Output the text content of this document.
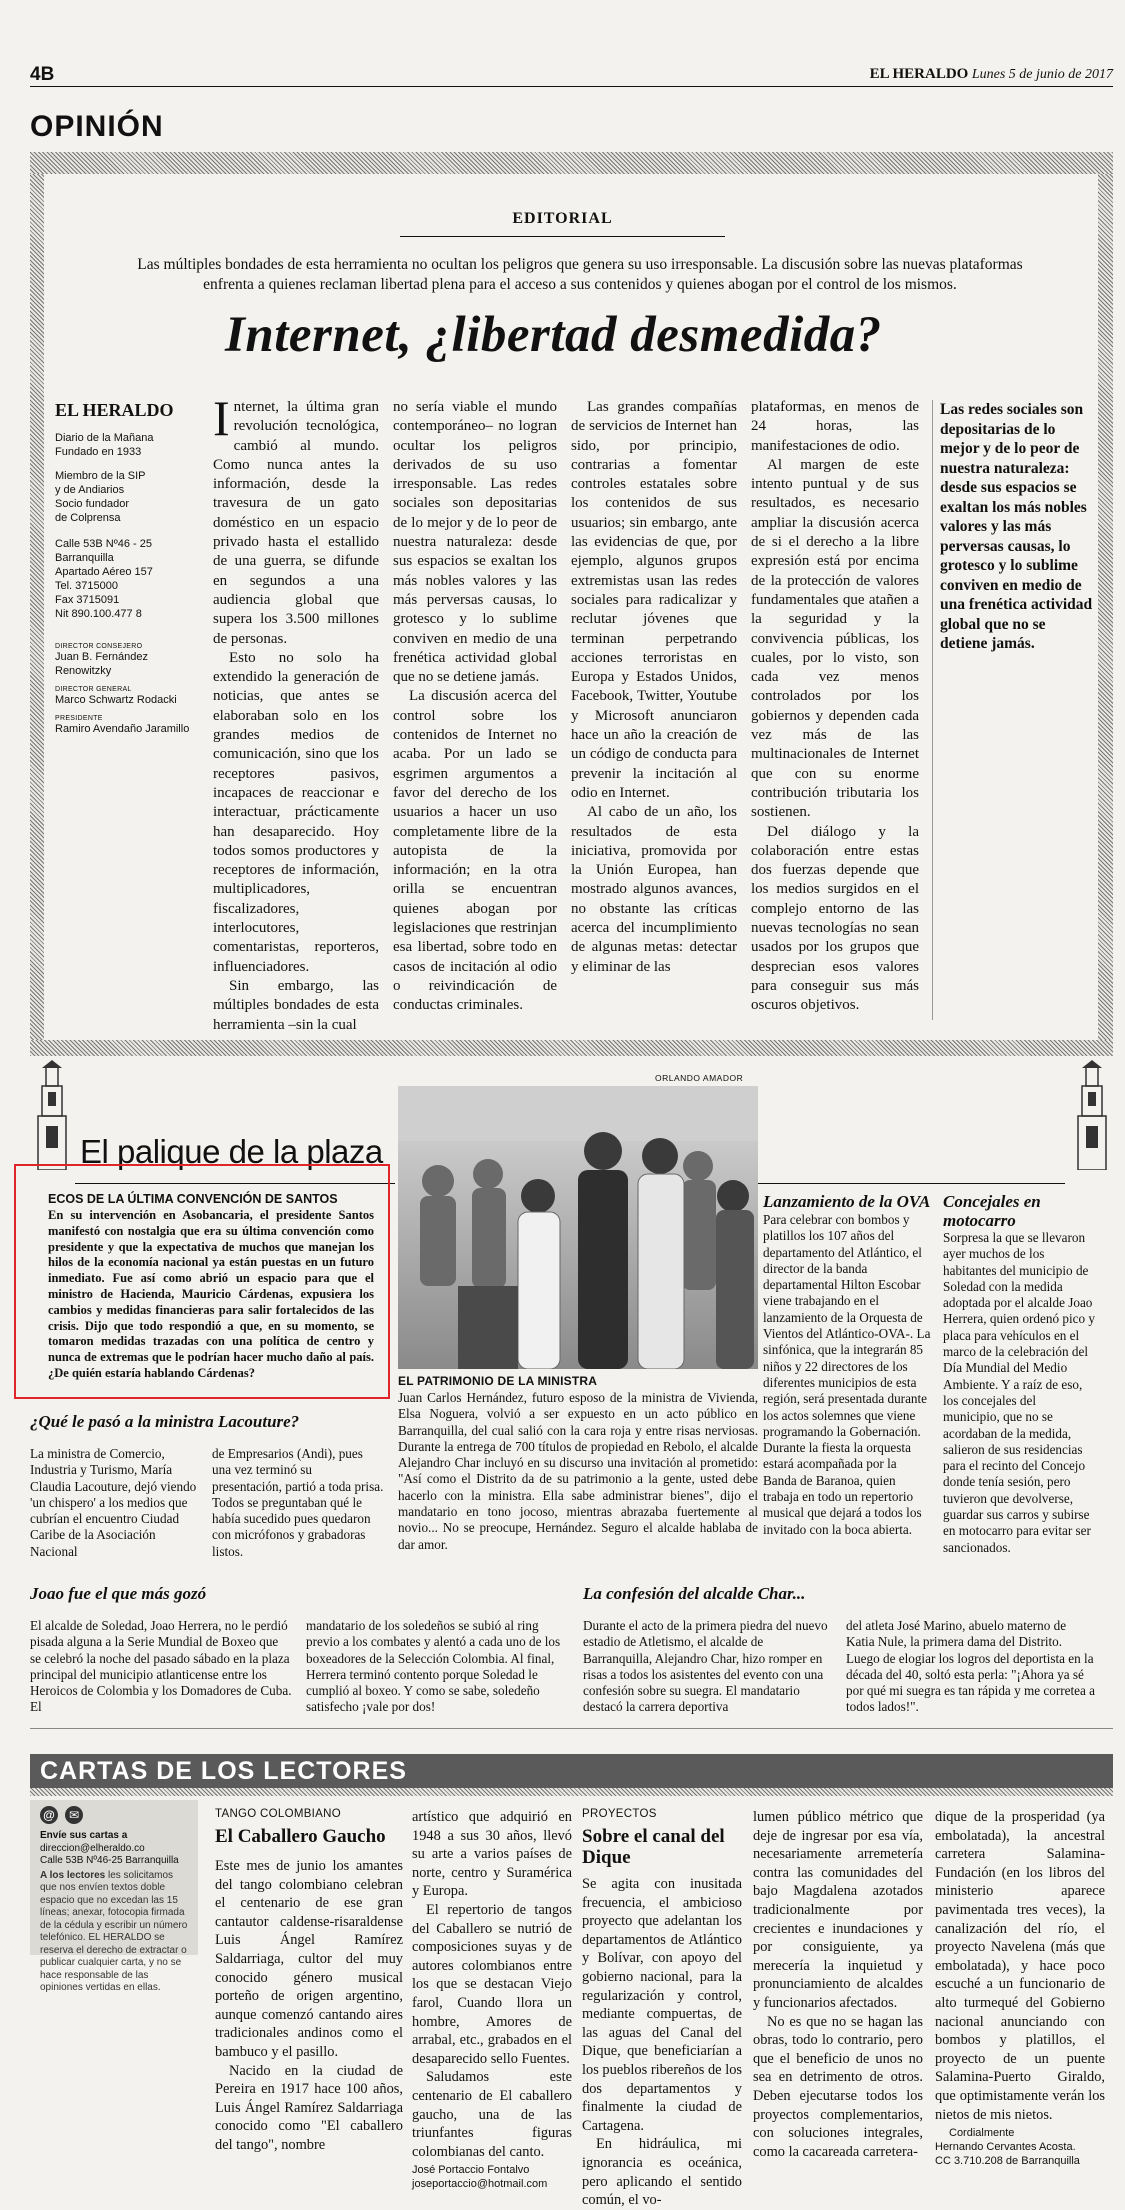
4B	EL HERALDO Lunes 5 de junio de 2017
OPINIÓN
EDITORIAL
Las múltiples bondades de esta herramienta no ocultan los peligros que genera su uso irresponsable. La discusión sobre las nuevas plataformas enfrenta a quienes reclaman libertad plena para el acceso a sus contenidos y quienes abogan por el control de los mismos.
Internet, ¿libertad desmedida?
EL HERALDO
Diario de la Mañana
Fundado en 1933
Miembro de la SIP
y de Andiarios
Socio fundador
de Colprensa
Calle 53B Nº46 - 25
Barranquilla
Apartado Aéreo 157
Tel. 3715000
Fax 3715091
Nit 890.100.477 8
DIRECTOR CONSEJERO
Juan B. Fernández Renowitzky
DIRECTOR GENERAL
Marco Schwartz Rodacki
PRESIDENTE
Ramiro Avendaño Jaramillo

Internet, la última gran revolución tecnológica, cambió al mundo. Como nunca antes la información, desde la travesura de un gato doméstico en un espacio privado hasta el estallido de una guerra, se difunde en segundos a una audiencia global que supera los 3.500 millones de personas.

Esto no solo ha extendido la generación de noticias, que antes se elaboraban solo en los grandes medios de comunicación, sino que los receptores pasivos, incapaces de reaccionar e interactuar, prácticamente han desaparecido. Hoy todos somos productores y receptores de información, multiplicadores, fiscalizadores, interlocutores, comentaristas, reporteros, influenciadores.

Sin embargo, las múltiples bondades de esta herramienta –sin la cual

no sería viable el mundo contemporáneo– no logran ocultar los peligros derivados de su uso irresponsable. Las redes sociales son depositarias de lo mejor y de lo peor de nuestra naturaleza: desde sus espacios se exaltan los más nobles valores y las más perversas causas, lo grotesco y lo sublime conviven en medio de una frenética actividad global que no se detiene jamás.

La discusión acerca del control sobre los contenidos de Internet no acaba. Por un lado se esgrimen argumentos a favor del derecho de los usuarios a hacer un uso completamente libre de la autopista de la información; en la otra orilla se encuentran quienes abogan por legislaciones que restrinjan esa libertad, sobre todo en casos de incitación al odio o reivindicación de conductas criminales.

Las grandes compañías de servicios de Internet han sido, por principio, contrarias a fomentar controles estatales sobre los contenidos de sus usuarios; sin embargo, ante las evidencias de que, por ejemplo, algunos grupos extremistas usan las redes sociales para radicalizar y reclutar jóvenes que terminan perpetrando acciones terroristas en Europa y Estados Unidos, Facebook, Twitter, Youtube y Microsoft anunciaron hace un año la creación de un código de conducta para prevenir la incitación al odio en Internet.

Al cabo de un año, los resultados de esta iniciativa, promovida por la Unión Europea, han mostrado algunos avances, no obstante las críticas acerca del incumplimiento de algunas metas: detectar y eliminar de las

plataformas, en menos de 24 horas, las manifestaciones de odio.

Al margen de este intento puntual y de sus resultados, es necesario ampliar la discusión acerca de si el derecho a la libre expresión está por encima de la protección de valores fundamentales que atañen a la seguridad y la convivencia públicas, los cuales, por lo visto, son cada vez menos controlados por los gobiernos y dependen cada vez más de las multinacionales de Internet que con su enorme contribución tributaria los sostienen.

Del diálogo y la colaboración entre estas dos fuerzas depende que los medios surgidos en el complejo entorno de las nuevas tecnologías no sean usados por los grupos que desprecian esos valores para conseguir sus más oscuros objetivos.

Las redes sociales son depositarias de lo mejor y de lo peor de nuestra naturaleza: desde sus espacios se exaltan los más nobles valores y las más perversas causas, lo grotesco y lo sublime conviven en medio de una frenética actividad global que no se detiene jamás.
El palique de la plaza
ORLANDO AMADOR
ECOS DE LA ÚLTIMA CONVENCIÓN DE SANTOS
En su intervención en Asobancaria, el presidente Santos manifestó con nostalgia que era su última convención como presidente y que la expectativa de muchos que manejan los hilos de la economía nacional ya están puestas en un futuro inmediato. Fue así como abrió un espacio para que el ministro de Hacienda, Mauricio Cárdenas, expusiera los cambios y medidas financieras para salir fortalecidos de las crisis. Dijo que todo respondió a que, en su momento, se tomaron medidas trazadas con una política de centro y nunca de extremas que le podrían hacer mucho daño al país. ¿De quién estaría hablando Cárdenas?
EL PATRIMONIO DE LA MINISTRA
Juan Carlos Hernández, futuro esposo de la ministra de Vivienda, Elsa Noguera, volvió a ser expuesto en un acto público en Barranquilla, del cual salió con la cara roja y entre risas nerviosas. Durante la entrega de 700 títulos de propiedad en Rebolo, el alcalde Alejandro Char incluyó en su discurso una invitación al prometido: "Así como el Distrito da de su patrimonio a la gente, usted debe hacerlo con la ministra. Ella sabe administrar bienes", dijo el mandatario en tono jocoso, mientras abrazaba fuertemente al novio... No se preocupe, Hernández. Seguro el alcalde hablaba de dar amor.
Lanzamiento de la OVA
Para celebrar con bombos y platillos los 107 años del departamento del Atlántico, el director de la banda departamental Hilton Escobar viene trabajando en el lanzamiento de la Orquesta de Vientos del Atlántico-OVA-. La sinfónica, que la integrarán 85 niños y 22 directores de los diferentes municipios de esta región, será presentada durante los actos solemnes que viene programando la Gobernación. Durante la fiesta la orquesta estará acompañada por la Banda de Baranoa, quien trabaja en todo un repertorio musical que dejará a todos los invitado con la boca abierta.
Concejales en motocarro
Sorpresa la que se llevaron ayer muchos de los habitantes del municipio de Soledad con la medida adoptada por el alcalde Joao Herrera, quien ordenó pico y placa para vehículos en el marco de la celebración del Día Mundial del Medio Ambiente. Y a raíz de eso, los concejales del municipio, que no se acordaban de la medida, salieron de sus residencias para el recinto del Concejo donde tenía sesión, pero tuvieron que devolverse, guardar sus carros y subirse en motocarro para evitar ser sancionados.
¿Qué le pasó a la ministra Lacouture?
La ministra de Comercio, Industria y Turismo, María Claudia Lacouture, dejó viendo 'un chispero' a los medios que cubrían el encuentro Ciudad Caribe de la Asociación Nacional
de Empresarios (Andi), pues una vez terminó su presentación, partió a toda prisa. Todos se preguntaban qué le había sucedido pues quedaron con micrófonos y grabadoras listos.
Joao fue el que más gozó
El alcalde de Soledad, Joao Herrera, no le perdió pisada alguna a la Serie Mundial de Boxeo que se celebró la noche del pasado sábado en la plaza principal del municipio atlanticense entre los Heroicos de Colombia y los Domadores de Cuba. El
mandatario de los soledeños se subió al ring previo a los combates y alentó a cada uno de los boxeadores de la Selección Colombia. Al final, Herrera terminó contento porque Soledad le cumplió al boxeo. Y como se sabe, soledeño satisfecho ¡vale por dos!
La confesión del alcalde Char...
Durante el acto de la primera piedra del nuevo estadio de Atletismo, el alcalde de Barranquilla, Alejandro Char, hizo romper en risas a todos los asistentes del evento con una confesión sobre su suegra. El mandatario destacó la carrera deportiva
del atleta José Marino, abuelo materno de Katia Nule, la primera dama del Distrito. Luego de elogiar los logros del deportista en la década del 40, soltó esta perla: "¡Ahora ya sé por qué mi suegra es tan rápida y me corretea a todos lados!".
CARTAS DE LOS LECTORES
@ ✉
Envíe sus cartas a
direccion@elheraldo.co
Calle 53B Nº46-25 Barranquilla
A los lectores les solicitamos que nos envíen textos doble espacio que no excedan las 15 líneas; anexar, fotocopia firmada de la cédula y escribir un número telefónico. EL HERALDO se reserva el derecho de extractar o publicar cualquier carta, y no se hace responsable de las opiniones vertidas en ellas.
TANGO COLOMBIANO
El Caballero Gaucho

Este mes de junio los amantes del tango colombiano celebran el centenario de ese gran cantautor caldense-risaraldense Luis Ángel Ramírez Saldarriaga, cultor del muy conocido género musical porteño de origen argentino, aunque comenzó cantando aires tradicionales andinos como el bambuco y el pasillo.

Nacido en la ciudad de Pereira en 1917 hace 100 años, Luis Ángel Ramírez Saldarriaga conocido como "El caballero del tango", nombre

artístico que adquirió en 1948 a sus 30 años, llevó su arte a varios países de norte, centro y Suramérica y Europa.

El repertorio de tangos del Caballero se nutrió de composiciones suyas y de autores colombianos entre los que se destacan Viejo farol, Cuando llora un hombre, Amores de arrabal, etc., grabados en el desaparecido sello Fuentes.

Saludamos este centenario de El caballero gaucho, una de las triunfantes figuras colombianas del canto.

José Portaccio Fontalvo
joseportaccio@hotmail.com
PROYECTOS
Sobre el canal del Dique

Se agita con inusitada frecuencia, el ambicioso proyecto que adelantan los departamentos de Atlántico y Bolívar, con apoyo del gobierno nacional, para la regularización y control, mediante compuertas, de las aguas del Canal del Dique, que beneficiarían a los pueblos ribereños de los dos departamentos y finalmente la ciudad de Cartagena.

En hidráulica, mi ignorancia es oceánica, pero aplicando el sentido común, el vo-

lumen público métrico que deje de ingresar por esa vía, necesariamente arremetería contra las comunidades del bajo Magdalena azotados tradicionalmente por crecientes e inundaciones y por consiguiente, ya merecería la inquietud y pronunciamiento de alcaldes y funcionarios afectados.

No es que no se hagan las obras, todo lo contrario, pero que el beneficio de unos no sea en detrimento de otros. Deben ejecutarse todos los proyectos complementarios, con soluciones integrales, como la cacareada carretera-

dique de la prosperidad (ya embolatada), la ancestral carretera Salamina-Fundación (en los libros del ministerio aparece pavimentada tres veces), la canalización del río, el proyecto Navelena (más que embolatada), y hace poco escuché a un funcionario de alto turmequé del Gobierno nacional anunciando con bombos y platillos, el proyecto de un puente Salamina-Puerto Giraldo, que optimistamente verán los nietos de mis nietos.

Cordialmente
Hernando Cervantes Acosta.
CC 3.710.208 de Barranquilla
